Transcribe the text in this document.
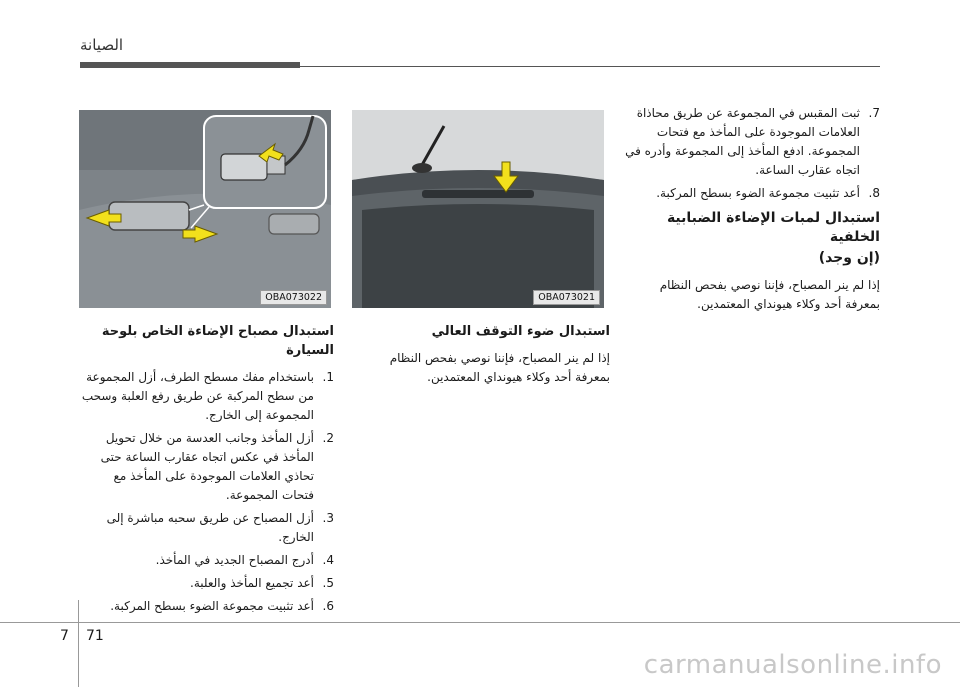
الصيانة
OBA073022	OBA073021
استبدال مصباح الإضاءة الخاص بلوحة السيارة
1.
باستخدام مفك مسطح الطرف، أزل المجموعة من سطح المركبة عن طريق رفع العلبة وسحب المجموعة إلى الخارج.
2.
أزل المأخذ وجانب العدسة من خلال تحويل المأخذ في عكس اتجاه عقارب الساعة حتى تحاذي العلامات الموجودة على المأخذ مع فتحات المجموعة.
3.
أزل المصباح عن طريق سحبه مباشرة إلى الخارج.
4.
أدرج المصباح الجديد في المأخذ.
5.
أعد تجميع المأخذ والعلبة.
6.
أعد تثبيت مجموعة الضوء بسطح المركبة.
استبدال ضوء التوقف العالي

إذا لم ينر المصباح، فإننا نوصي بفحص النظام بمعرفة أحد وكلاء هيونداي المعتمدين.

7.
ثبت المقبس في المجموعة عن طريق محاذاة العلامات الموجودة على المأخذ مع فتحات المجموعة. ادفع المأخذ إلى المجموعة وأدره في اتجاه عقارب الساعة.
8.
أعد تثبيت مجموعة الضوء بسطح المركبة.
استبدال لمبات الإضاءة الضبابية الخلفية
(إن وجد)

إذا لم ينر المصباح، فإننا نوصي بفحص النظام بمعرفة أحد وكلاء هيونداي المعتمدين.

7 71
carmanualsonline.info
